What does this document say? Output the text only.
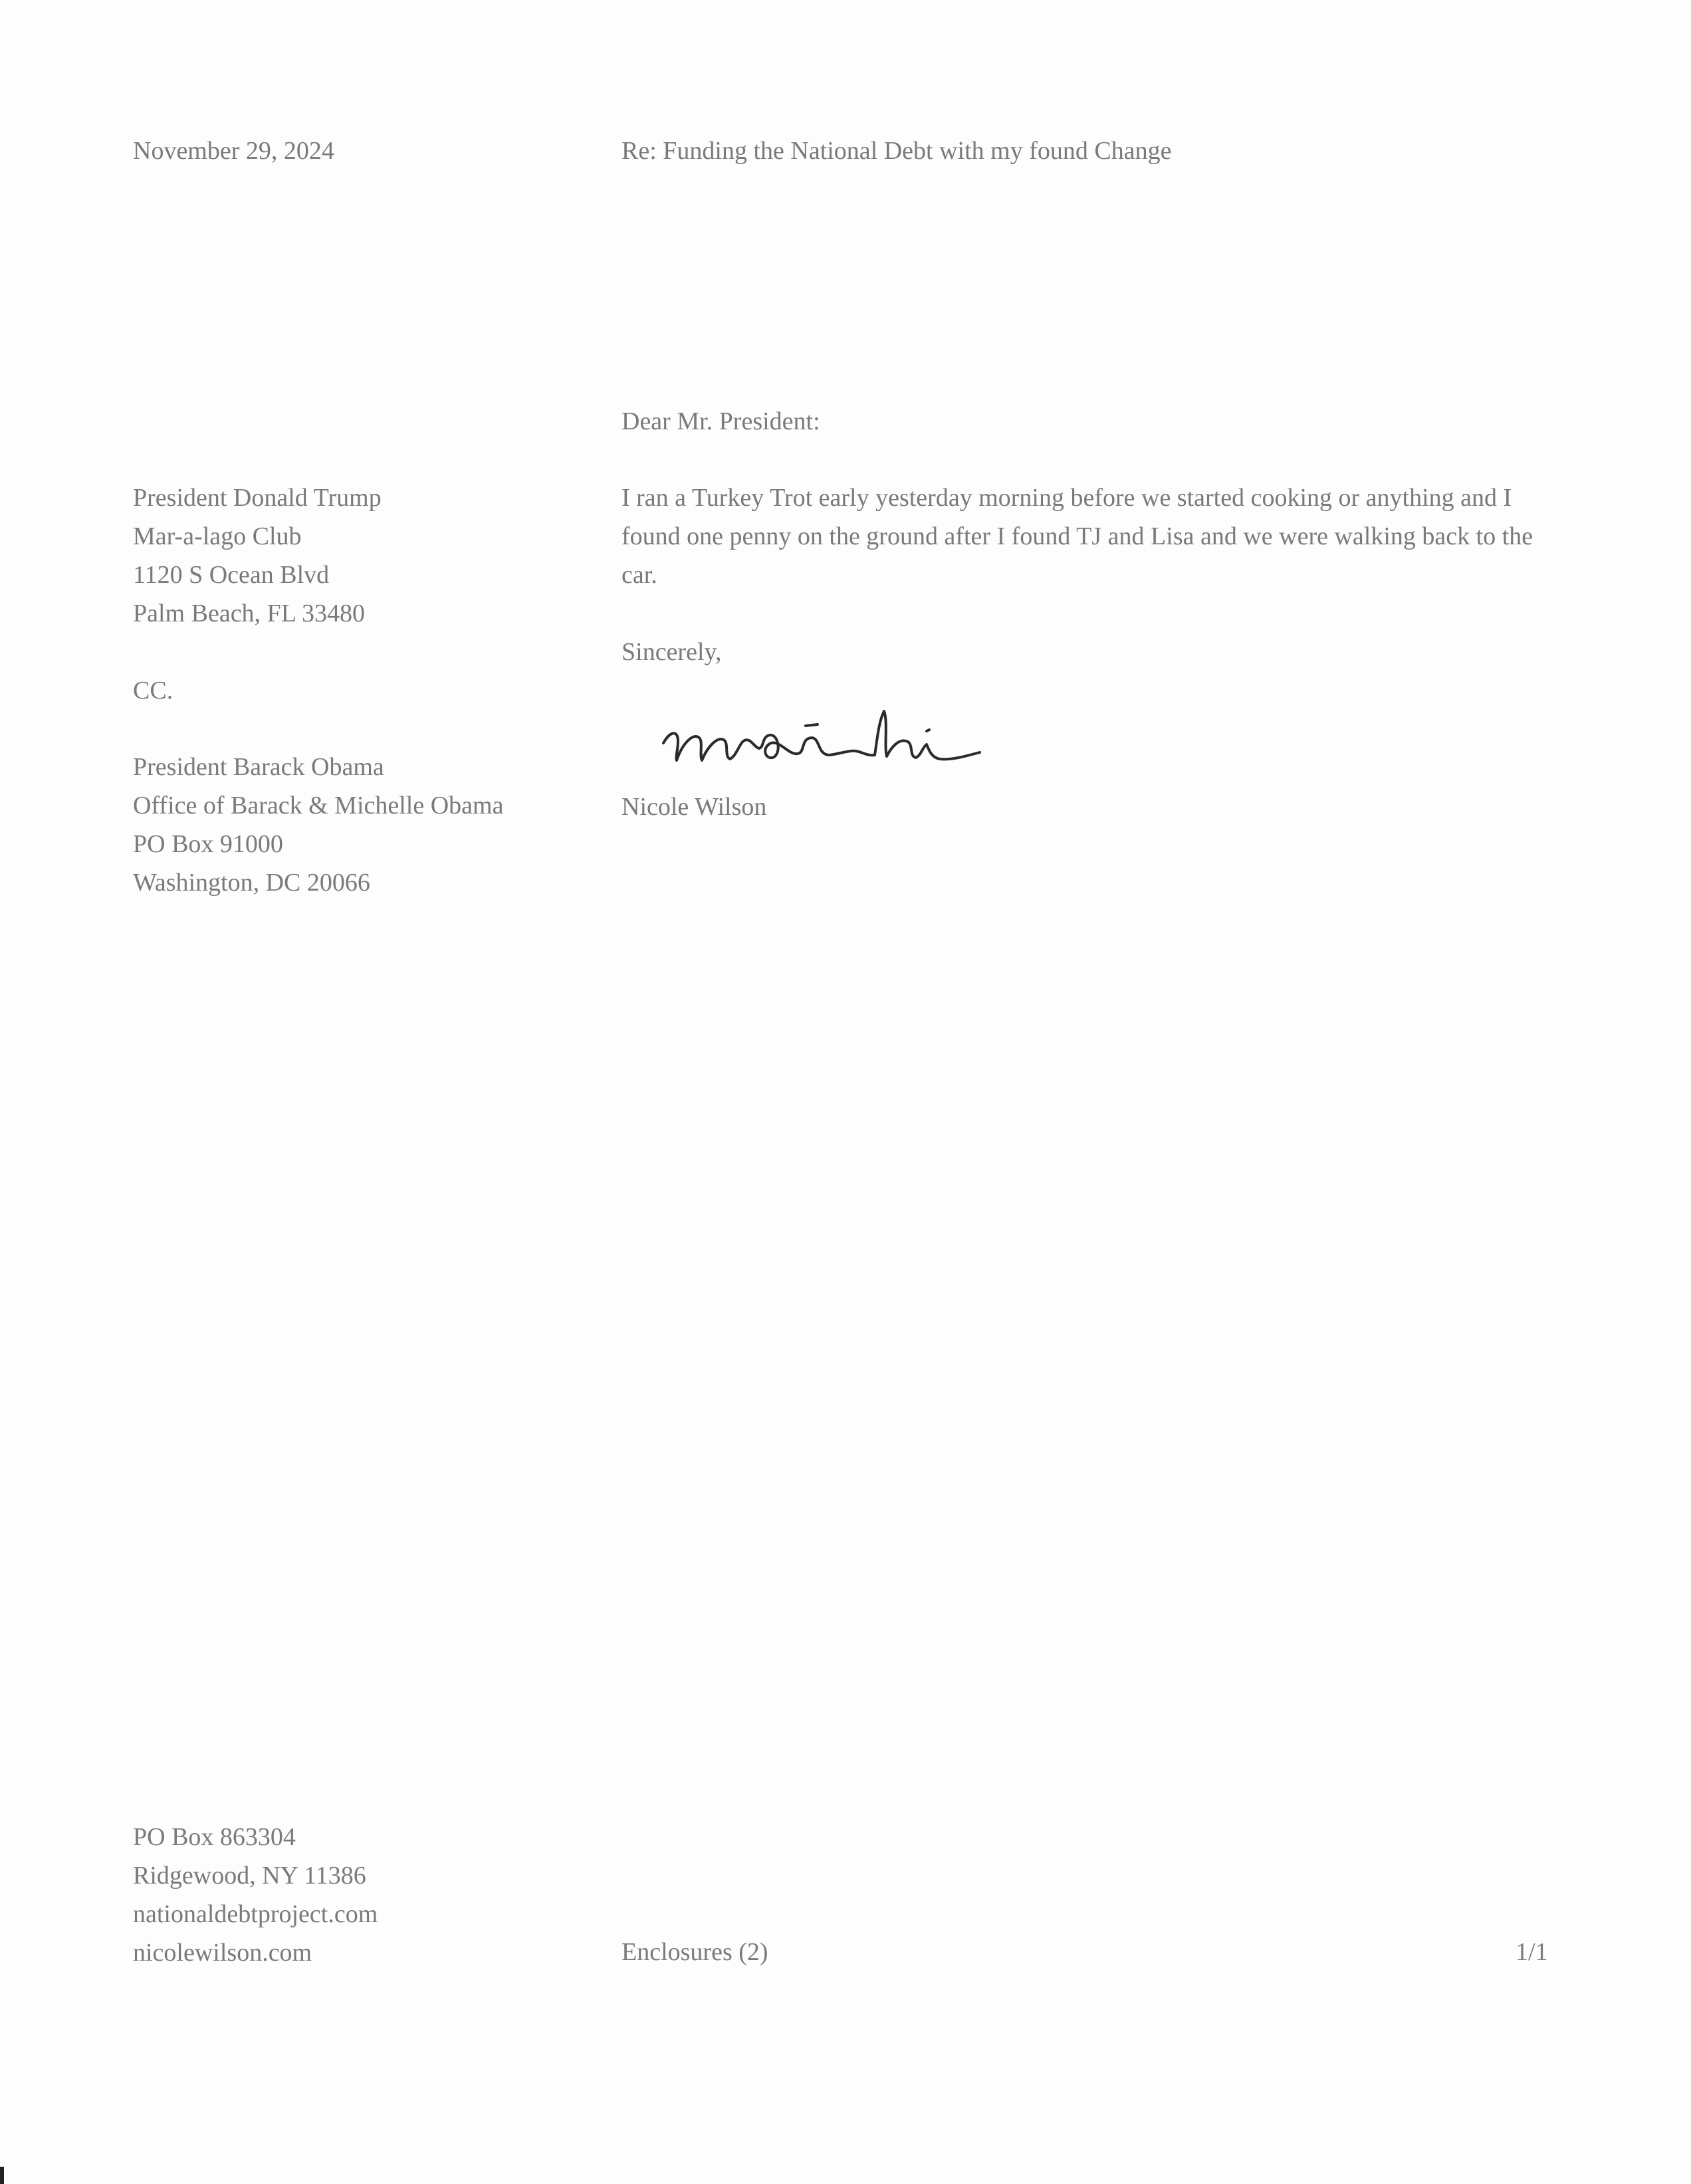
November 29, 2024	Re: Funding the National Debt with my found Change
Dear Mr. President:
President Donald Trump
Mar-a-lago Club
1120 S Ocean Blvd
Palm Beach, FL 33480
I ran a Turkey Trot early yesterday morning before we started cooking or anything and I found one penny on the ground after I found TJ and Lisa and we were walking back to the car.
CC.
President Barack Obama
Office of Barack & Michelle Obama
PO Box 91000
Washington, DC 20066
Sincerely,
Nicole Wilson
PO Box 863304
Ridgewood, NY 11386
nationaldebtproject.com
nicolewilson.com	Enclosures (2)	1/1
